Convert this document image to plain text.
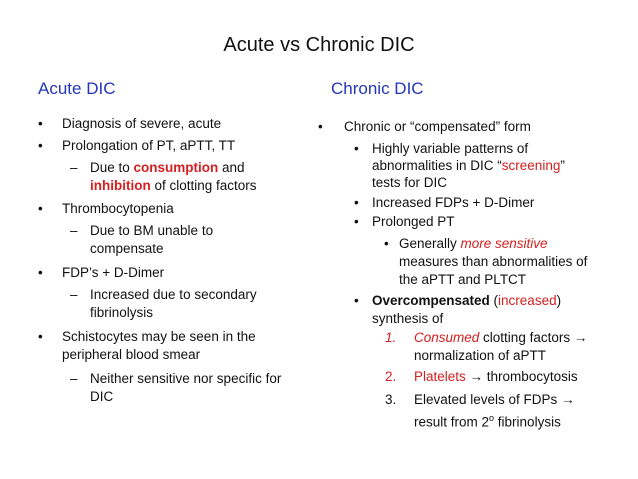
Acute vs Chronic DIC
Acute DIC
• Diagnosis of severe, acute
• Prolongation of PT, aPTT, TT
– Due to consumption and
inhibition of clotting factors
• Thrombocytopenia
– Due to BM unable to
compensate
• FDP’s + D-Dimer
– Increased due to secondary
fibrinolysis
• Schistocytes may be seen in the
peripheral blood smear
– Neither sensitive nor specific for
DIC
Chronic DIC
• Chronic or “compensated” form
• Highly variable patterns of
abnormalities in DIC “screening”
tests for DIC
• Increased FDPs + D-Dimer
• Prolonged PT
• Generally more sensitive
measures than abnormalities of
the aPTT and PLTCT
• Overcompensated (increased)
synthesis of
1. Consumed clotting factors →
normalization of aPTT
2. Platelets → thrombocytosis
3. Elevated levels of FDPs →
result from 2$^o$ fibrinolysis
